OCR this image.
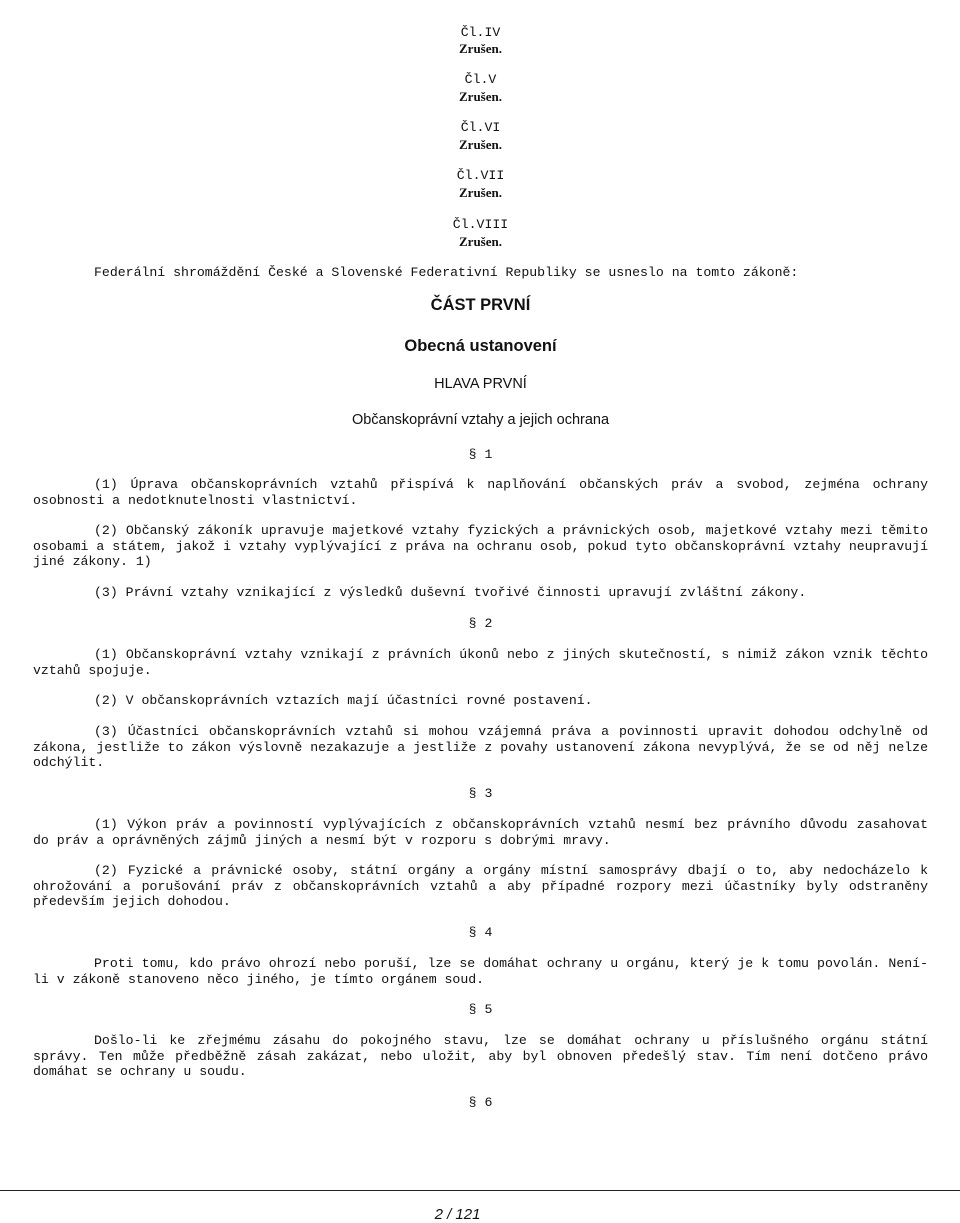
Čl.IV
Zrušen.
Čl.V
Zrušen.
Čl.VI
Zrušen.
Čl.VII
Zrušen.
Čl.VIII
Zrušen.
Federální shromáždění České a Slovenské Federativní Republiky se usneslo na tomto zákoně:
ČÁST PRVNÍ
Obecná ustanovení
HLAVA PRVNÍ
Občanskoprávní vztahy a jejich ochrana
§ 1

(1) Úprava občanskoprávních vztahů přispívá k naplňování občanských práv a svobod, zejména ochrany osobnosti a nedotknutelnosti vlastnictví.

(2) Občanský zákoník upravuje majetkové vztahy fyzických a právnických osob, majetkové vztahy mezi těmito osobami a státem, jakož i vztahy vyplývající z práva na ochranu osob, pokud tyto občanskoprávní vztahy neupravují jiné zákony. 1)

(3) Právní vztahy vznikající z výsledků duševní tvořivé činnosti upravují zvláštní zákony.

§ 2

(1) Občanskoprávní vztahy vznikají z právních úkonů nebo z jiných skutečností, s nimiž zákon vznik těchto vztahů spojuje.

(2) V občanskoprávních vztazích mají účastníci rovné postavení.

(3) Účastníci občanskoprávních vztahů si mohou vzájemná práva a povinnosti upravit dohodou odchylně od zákona, jestliže to zákon výslovně nezakazuje a jestliže z povahy ustanovení zákona nevyplývá, že se od něj nelze odchýlit.

§ 3

(1) Výkon práv a povinností vyplývajících z občanskoprávních vztahů nesmí bez právního důvodu zasahovat do práv a oprávněných zájmů jiných a nesmí být v rozporu s dobrými mravy.

(2) Fyzické a právnické osoby, státní orgány a orgány místní samosprávy dbají o to, aby nedocházelo k ohrožování a porušování práv z občanskoprávních vztahů a aby případné rozpory mezi účastníky byly odstraněny především jejich dohodou.

§ 4

Proti tomu, kdo právo ohrozí nebo poruší, lze se domáhat ochrany u orgánu, který je k tomu povolán. Není-li v zákoně stanoveno něco jiného, je tímto orgánem soud.

§ 5

Došlo-li ke zřejmému zásahu do pokojného stavu, lze se domáhat ochrany u příslušného orgánu státní správy. Ten může předběžně zásah zakázat, nebo uložit, aby byl obnoven předešlý stav. Tím není dotčeno právo domáhat se ochrany u soudu.

§ 6
2 / 121
